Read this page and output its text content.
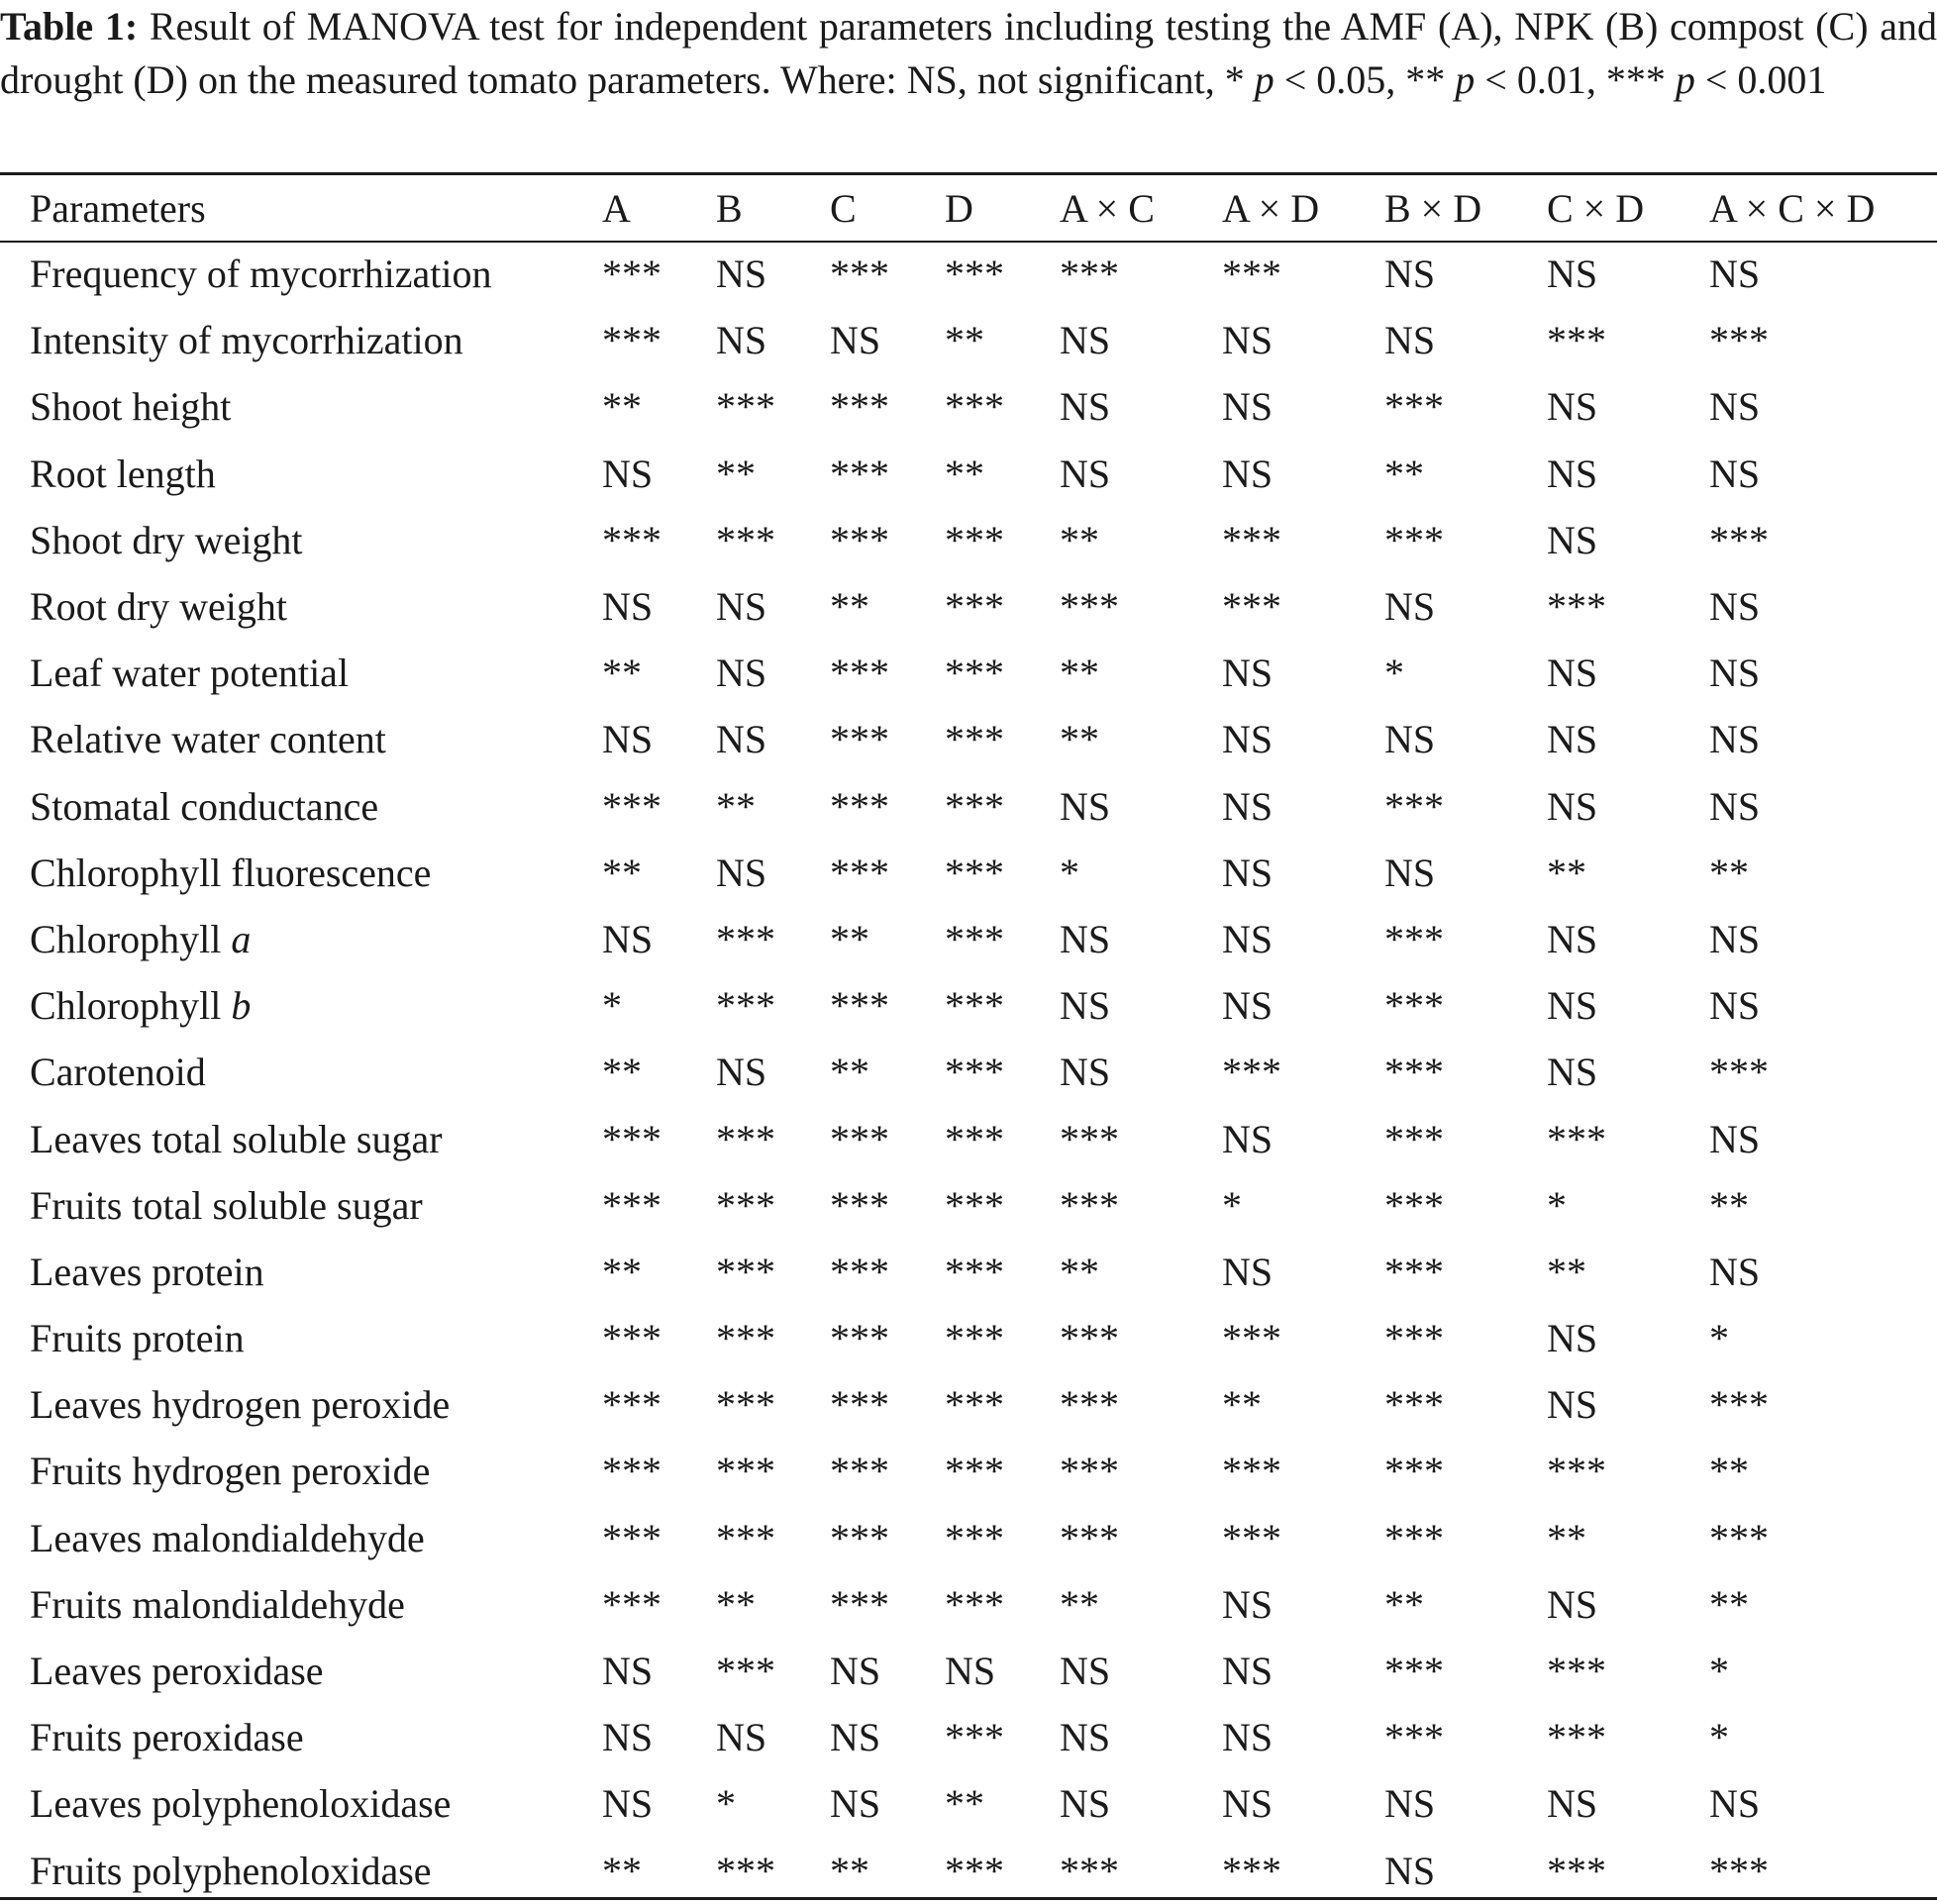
Table 1: Result of MANOVA test for independent parameters including testing the AMF (A), NPK (B) compost (C) and drought (D) on the measured tomato parameters. Where: NS, not significant, * p < 0.05, ** p < 0.01, *** p < 0.001

Parameters	A	B	C	D	A × C	A × D	B × D	C × D	A × C × D
Frequency of mycorrhization	***	NS	***	***	***	***	NS	NS	NS
Intensity of mycorrhization	***	NS	NS	**	NS	NS	NS	***	***
Shoot height	**	***	***	***	NS	NS	***	NS	NS
Root length	NS	**	***	**	NS	NS	**	NS	NS
Shoot dry weight	***	***	***	***	**	***	***	NS	***
Root dry weight	NS	NS	**	***	***	***	NS	***	NS
Leaf water potential	**	NS	***	***	**	NS	*	NS	NS
Relative water content	NS	NS	***	***	**	NS	NS	NS	NS
Stomatal conductance	***	**	***	***	NS	NS	***	NS	NS
Chlorophyll fluorescence	**	NS	***	***	*	NS	NS	**	**
Chlorophyll a	NS	***	**	***	NS	NS	***	NS	NS
Chlorophyll b	*	***	***	***	NS	NS	***	NS	NS
Carotenoid	**	NS	**	***	NS	***	***	NS	***
Leaves total soluble sugar	***	***	***	***	***	NS	***	***	NS
Fruits total soluble sugar	***	***	***	***	***	*	***	*	**
Leaves protein	**	***	***	***	**	NS	***	**	NS
Fruits protein	***	***	***	***	***	***	***	NS	*
Leaves hydrogen peroxide	***	***	***	***	***	**	***	NS	***
Fruits hydrogen peroxide	***	***	***	***	***	***	***	***	**
Leaves malondialdehyde	***	***	***	***	***	***	***	**	***
Fruits malondialdehyde	***	**	***	***	**	NS	**	NS	**
Leaves peroxidase	NS	***	NS	NS	NS	NS	***	***	*
Fruits peroxidase	NS	NS	NS	***	NS	NS	***	***	*
Leaves polyphenoloxidase	NS	*	NS	**	NS	NS	NS	NS	NS
Fruits polyphenoloxidase	**	***	**	***	***	***	NS	***	***
